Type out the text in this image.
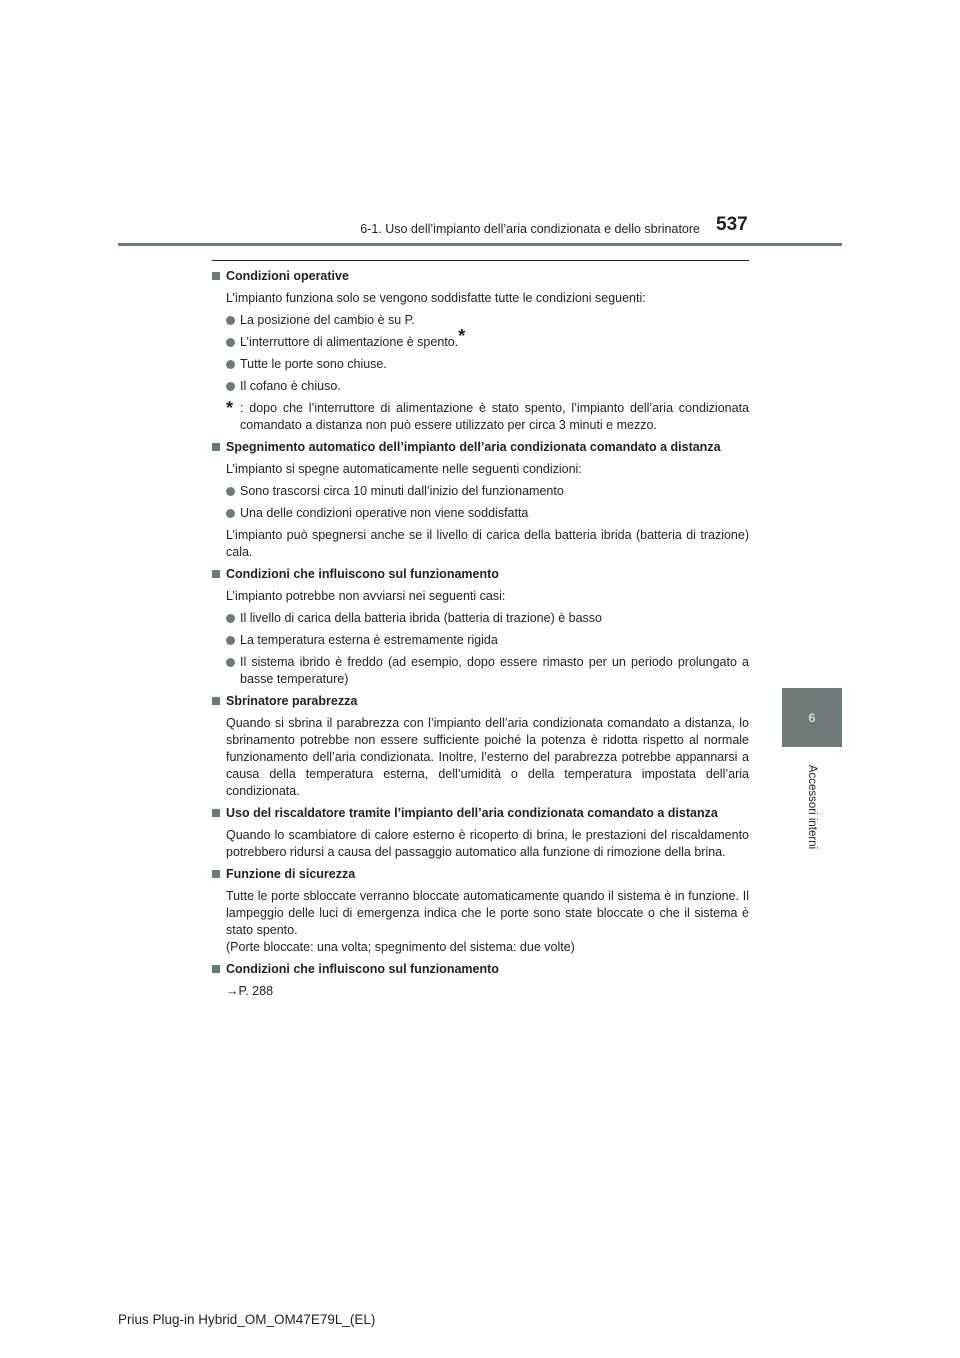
6-1. Uso dell’impianto dell’aria condizionata e dello sbrinatore 537
6
Accessori interni
Condizioni operative
L’impianto funziona solo se vengono soddisfatte tutte le condizioni seguenti:
La posizione del cambio è su P.
L’interruttore di alimentazione è spento.*
Tutte le porte sono chiuse.
Il cofano è chiuso.
* : dopo che l’interruttore di alimentazione è stato spento, l’impianto dell’aria condizionata comandato a distanza non può essere utilizzato per circa 3 minuti e mezzo.
Spegnimento automatico dell’impianto dell’aria condizionata comandato a distanza
L’impianto si spegne automaticamente nelle seguenti condizioni:
Sono trascorsi circa 10 minuti dall’inizio del funzionamento
Una delle condizioni operative non viene soddisfatta
L’impianto può spegnersi anche se il livello di carica della batteria ibrida (batteria di trazione) cala.
Condizioni che influiscono sul funzionamento
L’impianto potrebbe non avviarsi nei seguenti casi:
Il livello di carica della batteria ibrida (batteria di trazione) è basso
La temperatura esterna è estremamente rigida
Il sistema ibrido è freddo (ad esempio, dopo essere rimasto per un periodo prolungato a basse temperature)
Sbrinatore parabrezza
Quando si sbrina il parabrezza con l’impianto dell’aria condizionata comandato a distanza, lo sbrinamento potrebbe non essere sufficiente poiché la potenza è ridotta rispetto al normale funzionamento dell’aria condizionata. Inoltre, l’esterno del parabrezza potrebbe appannarsi a causa della temperatura esterna, dell’umidità o della temperatura impostata dell’aria condizionata.
Uso del riscaldatore tramite l’impianto dell’aria condizionata comandato a distanza
Quando lo scambiatore di calore esterno è ricoperto di brina, le prestazioni del riscaldamento potrebbero ridursi a causa del passaggio automatico alla funzione di rimozione della brina.
Funzione di sicurezza
Tutte le porte sbloccate verranno bloccate automaticamente quando il sistema è in funzione. Il lampeggio delle luci di emergenza indica che le porte sono state bloccate o che il sistema è stato spento.
(Porte bloccate: una volta; spegnimento del sistema: due volte)
Condizioni che influiscono sul funzionamento
→P. 288
Prius Plug-in Hybrid_OM_OM47E79L_(EL)
